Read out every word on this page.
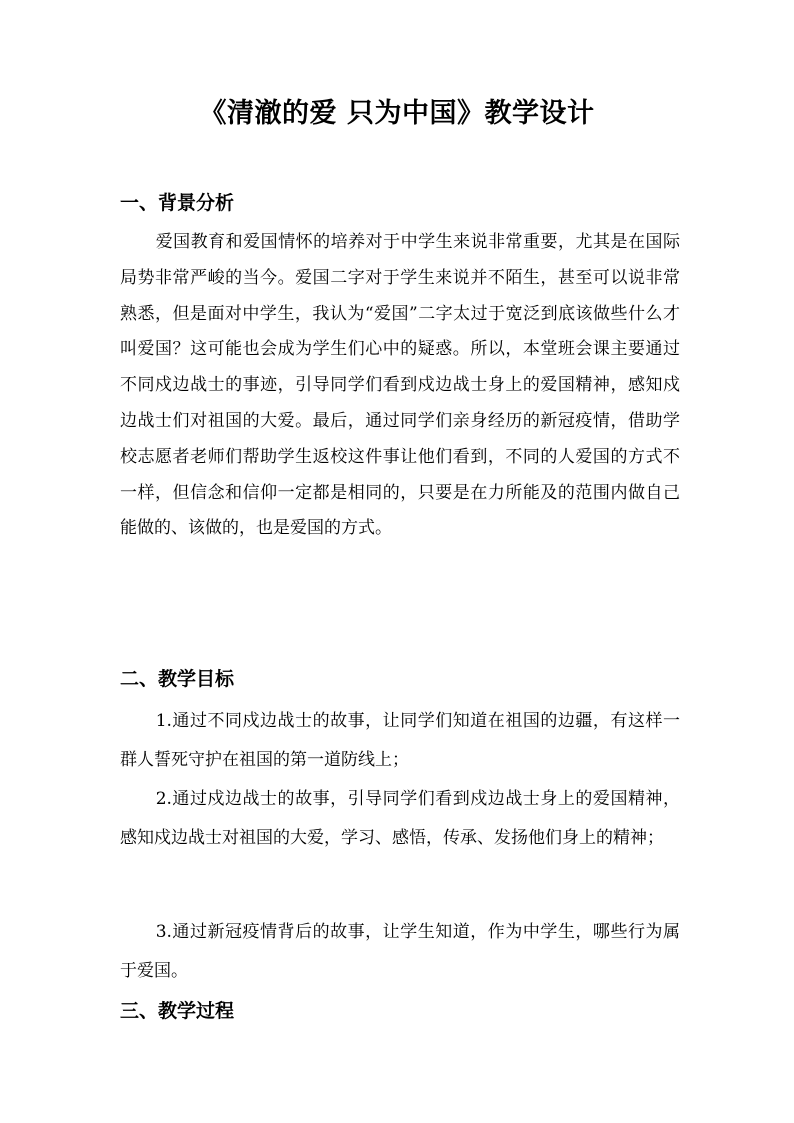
《清澈的爱 只为中国》教学设计
一、背景分析

爱国教育和爱国情怀的培养对于中学生来说非常重要，尤其是在国际局势非常严峻的当今。爱国二字对于学生来说并不陌生，甚至可以说非常熟悉，但是面对中学生，我认为“爱国”二字太过于宽泛到底该做些什么才叫爱国？这可能也会成为学生们心中的疑惑。所以，本堂班会课主要通过不同戍边战士的事迹，引导同学们看到戍边战士身上的爱国精神，感知戍边战士们对祖国的大爱。最后，通过同学们亲身经历的新冠疫情，借助学校志愿者老师们帮助学生返校这件事让他们看到，不同的人爱国的方式不一样，但信念和信仰一定都是相同的，只要是在力所能及的范围内做自己能做的、该做的，也是爱国的方式。

二、教学目标

1.通过不同戍边战士的故事，让同学们知道在祖国的边疆，有这样一群人誓死守护在祖国的第一道防线上；

2.通过戍边战士的故事，引导同学们看到戍边战士身上的爱国精神，感知戍边战士对祖国的大爱，学习、感悟，传承、发扬他们身上的精神；

3.通过新冠疫情背后的故事，让学生知道，作为中学生，哪些行为属于爱国。

三、教学过程
